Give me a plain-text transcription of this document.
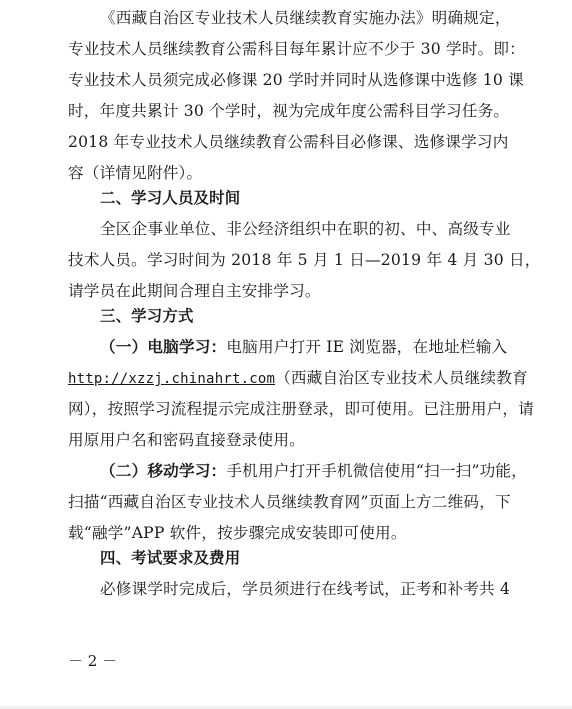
《西藏自治区专业技术人员继续教育实施办法》明确规定，
专业技术人员继续教育公需科目每年累计应不少于 30 学时。即：
专业技术人员须完成必修课 20 学时并同时从选修课中选修 10 课
时，年度共累计 30 个学时，视为完成年度公需科目学习任务。
2018 年专业技术人员继续教育公需科目必修课、选修课学习内
容（详情见附件）。
二、学习人员及时间
全区企事业单位、非公经济组织中在职的初、中、高级专业
技术人员。学习时间为 2018 年 5 月 1 日—2019 年 4 月 30 日，
请学员在此期间合理自主安排学习。
三、学习方式
（一）电脑学习：电脑用户打开 IE 浏览器，在地址栏输入
http://xzzj.chinahrt.com（西藏自治区专业技术人员继续教育
网），按照学习流程提示完成注册登录，即可使用。已注册用户，请
用原用户名和密码直接登录使用。
（二）移动学习：手机用户打开手机微信使用“扫一扫”功能，
扫描“西藏自治区专业技术人员继续教育网”页面上方二维码，下
载“融学”APP 软件，按步骤完成安装即可使用。
四、考试要求及费用
必修课学时完成后，学员须进行在线考试，正考和补考共 4
－ 2 －
